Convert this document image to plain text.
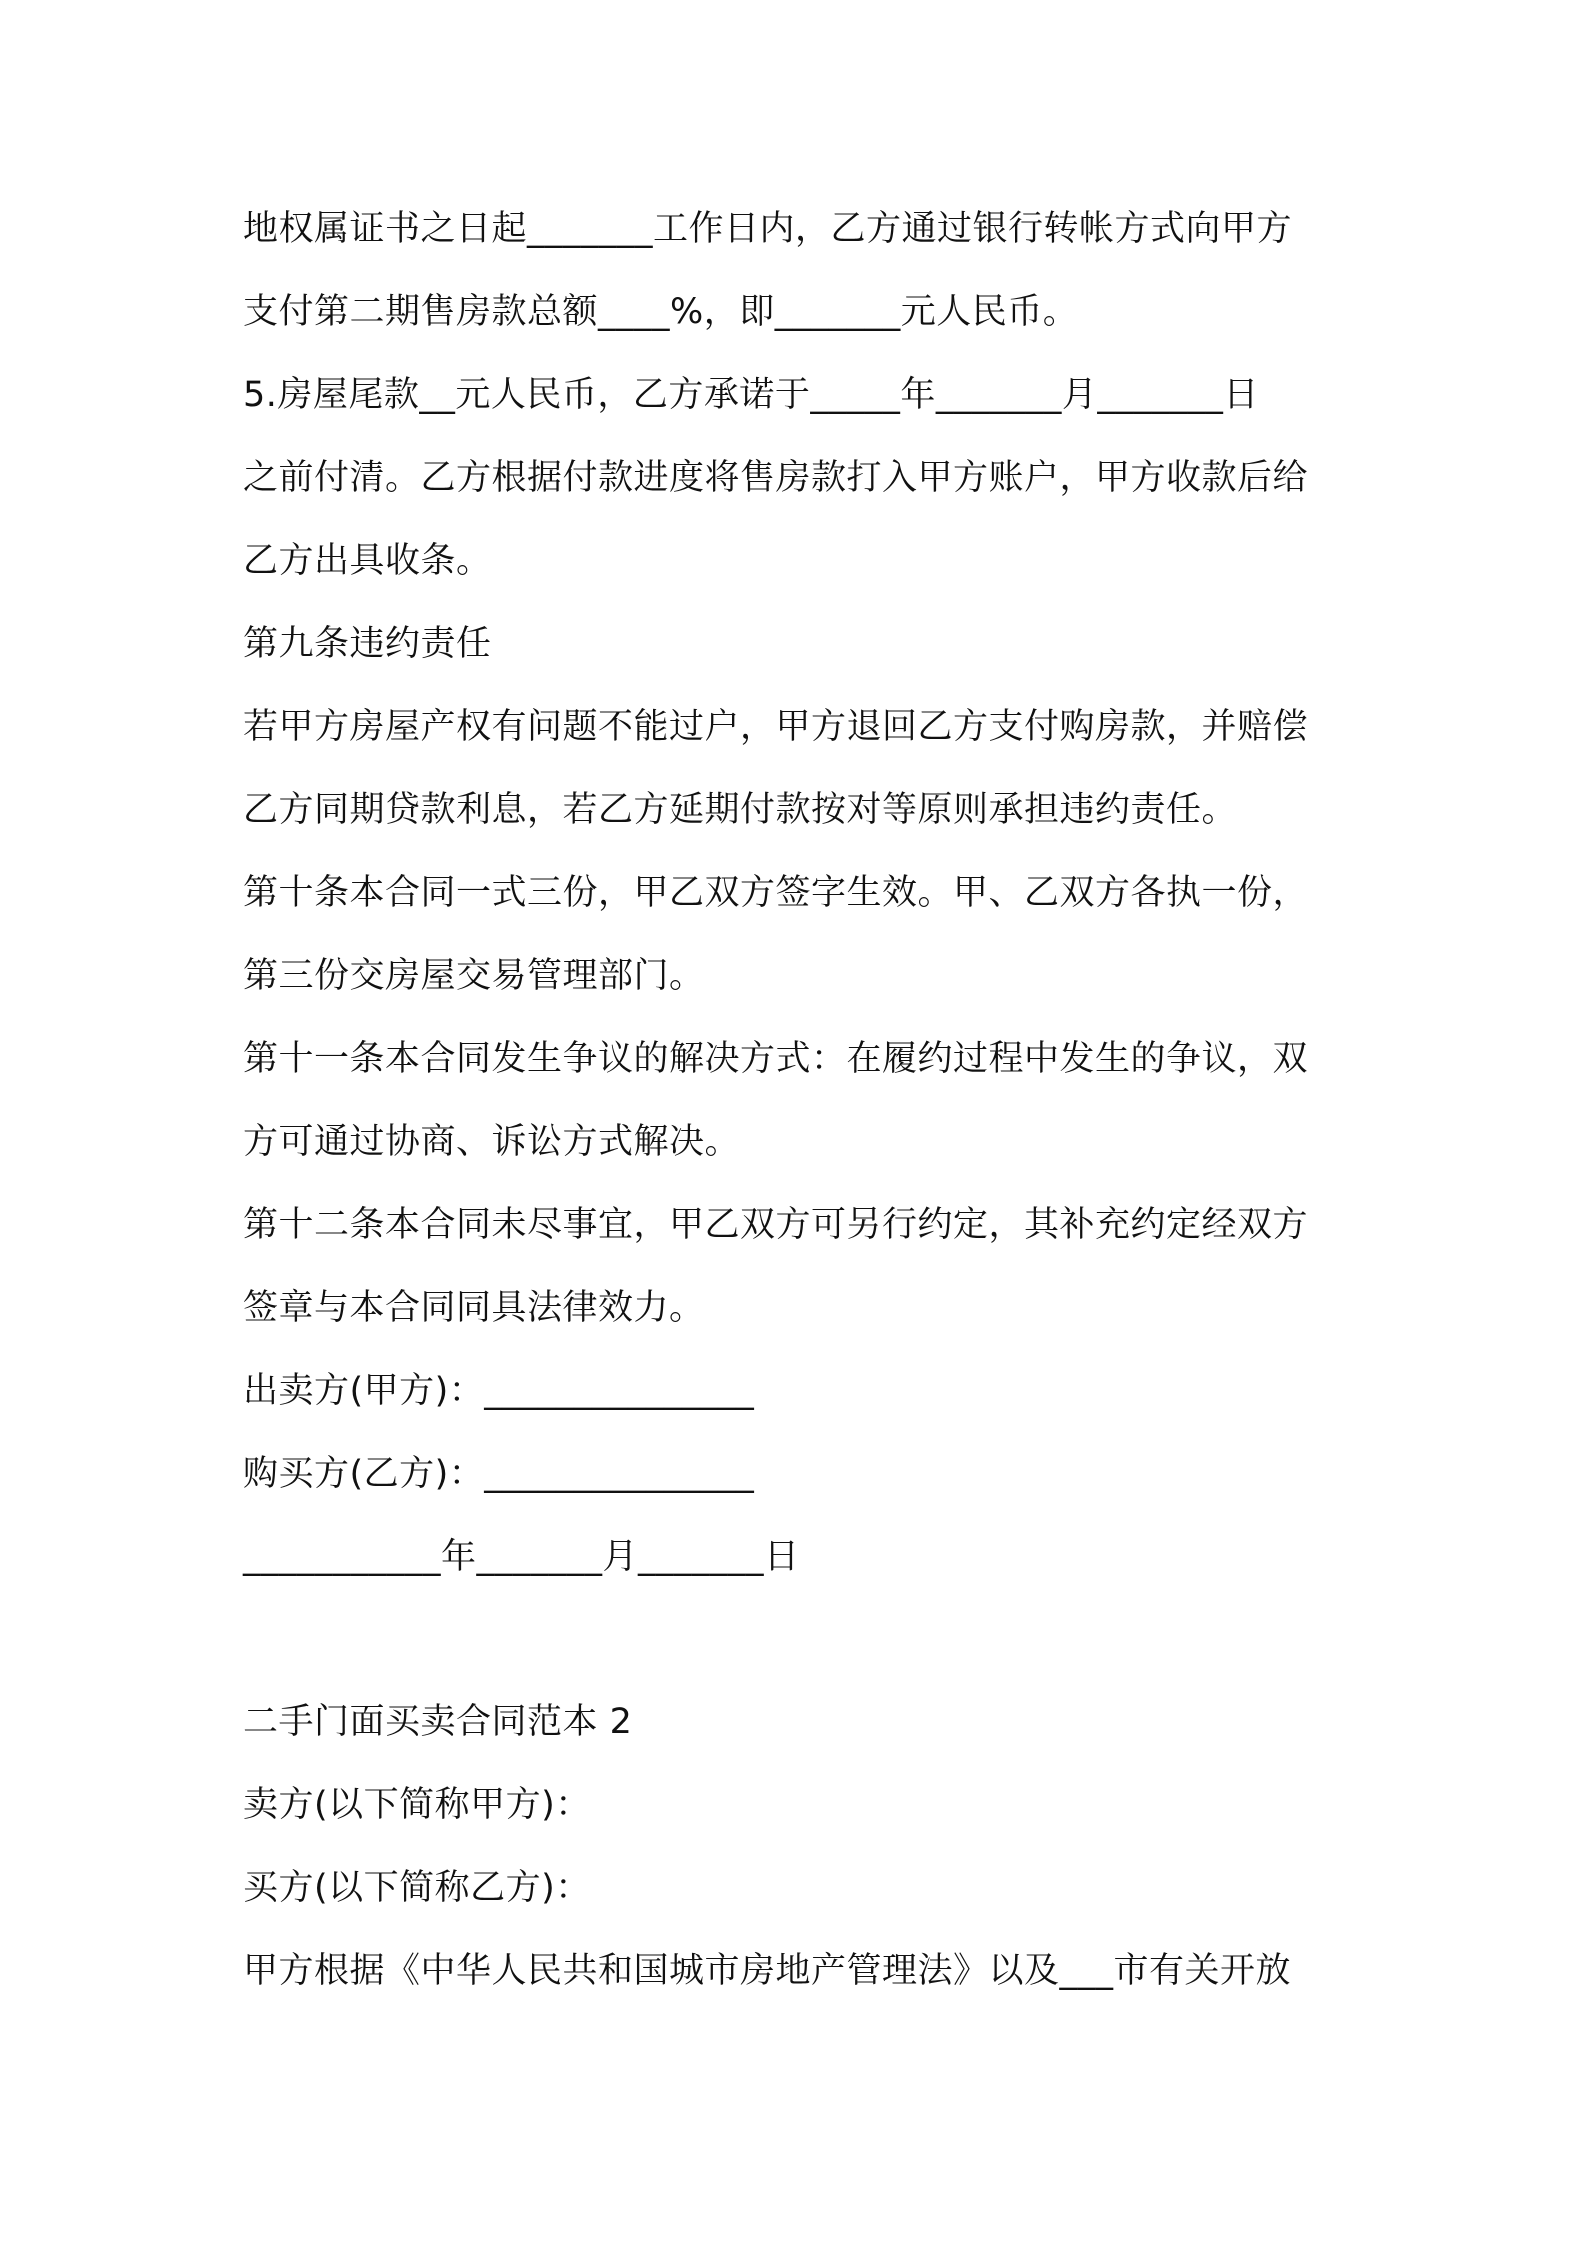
地权属证书之日起_______工作日内，乙方通过银行转帐方式向甲方
支付第二期售房款总额____%，即_______元人民币。
5.房屋尾款__元人民币，乙方承诺于_____年_______月_______日
之前付清。乙方根据付款进度将售房款打入甲方账户，甲方收款后给
乙方出具收条。
第九条违约责任
若甲方房屋产权有问题不能过户，甲方退回乙方支付购房款，并赔偿
乙方同期贷款利息，若乙方延期付款按对等原则承担违约责任。
第十条本合同一式三份，甲乙双方签字生效。甲、乙双方各执一份，
第三份交房屋交易管理部门。
第十一条本合同发生争议的解决方式：在履约过程中发生的争议，双
方可通过协商、诉讼方式解决。
第十二条本合同未尽事宜，甲乙双方可另行约定，其补充约定经双方
签章与本合同同具法律效力。
出卖方(甲方)：_______________
购买方(乙方)：_______________
___________年_______月_______日
二手门面买卖合同范本 2
卖方(以下简称甲方)：
买方(以下简称乙方)：
甲方根据《中华人民共和国城市房地产管理法》以及___市有关开放
